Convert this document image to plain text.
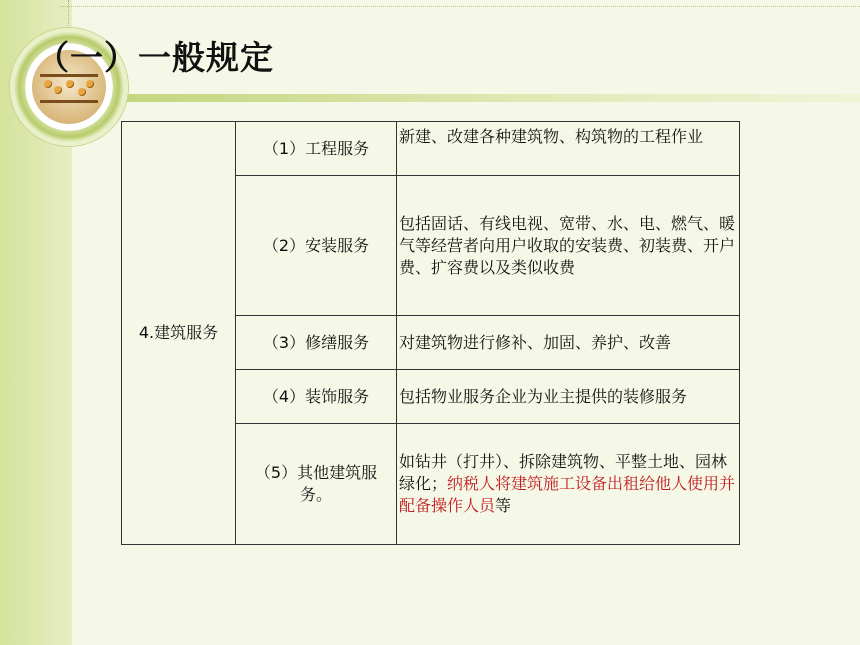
（一）一般规定
4.建筑服务	（1）工程服务	新建、改建各种建筑物、构筑物的工程作业
	（2）安装服务	包括固话、有线电视、宽带、水、电、燃气、暖气等经营者向用户收取的安装费、初装费、开户费、扩容费以及类似收费
	（3）修缮服务	对建筑物进行修补、加固、养护、改善
	（4）装饰服务	包括物业服务企业为业主提供的装修服务
	（5）其他建筑服务。	如钻井（打井）、拆除建筑物、平整土地、园林绿化；纳税人将建筑施工设备出租给他人使用并配备操作人员等
